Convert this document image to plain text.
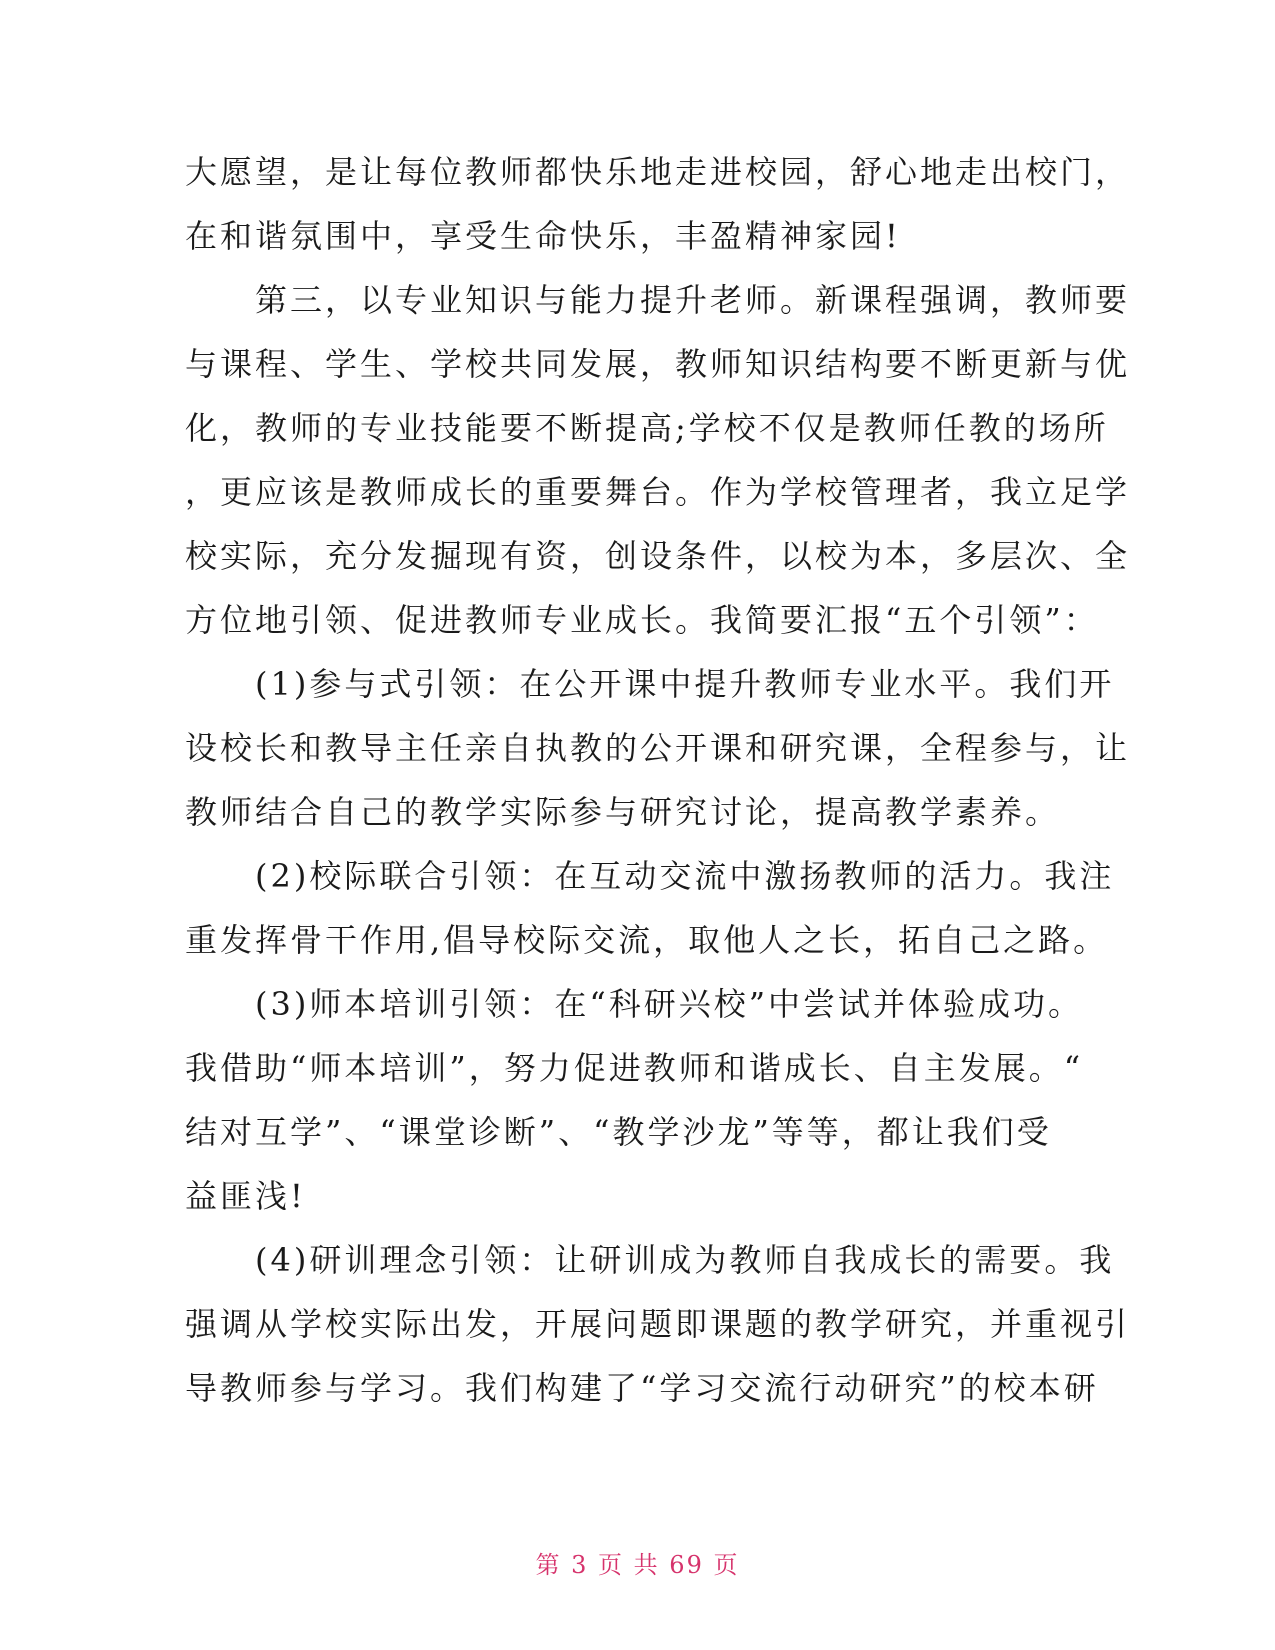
大愿望，是让每位教师都快乐地走进校园，舒心地走出校门，
在和谐氛围中，享受生命快乐，丰盈精神家园!
　　第三，以专业知识与能力提升老师。新课程强调，教师要
与课程、学生、学校共同发展，教师知识结构要不断更新与优
化，教师的专业技能要不断提高;学校不仅是教师任教的场所
，更应该是教师成长的重要舞台。作为学校管理者，我立足学
校实际，充分发掘现有资，创设条件，以校为本，多层次、全
方位地引领、促进教师专业成长。我简要汇报“五个引领”：
　　(1)参与式引领：在公开课中提升教师专业水平。我们开
设校长和教导主任亲自执教的公开课和研究课，全程参与，让
教师结合自己的教学实际参与研究讨论，提高教学素养。
　　(2)校际联合引领：在互动交流中激扬教师的活力。我注
重发挥骨干作用,倡导校际交流，取他人之长，拓自己之路。
　　(3)师本培训引领：在“科研兴校”中尝试并体验成功。
我借助“师本培训”，努力促进教师和谐成长、自主发展。“
结对互学”、“课堂诊断”、“教学沙龙”等等，都让我们受
益匪浅!
　　(4)研训理念引领：让研训成为教师自我成长的需要。我
强调从学校实际出发，开展问题即课题的教学研究，并重视引
导教师参与学习。我们构建了“学习交流行动研究”的校本研
第 3 页 共 69 页
